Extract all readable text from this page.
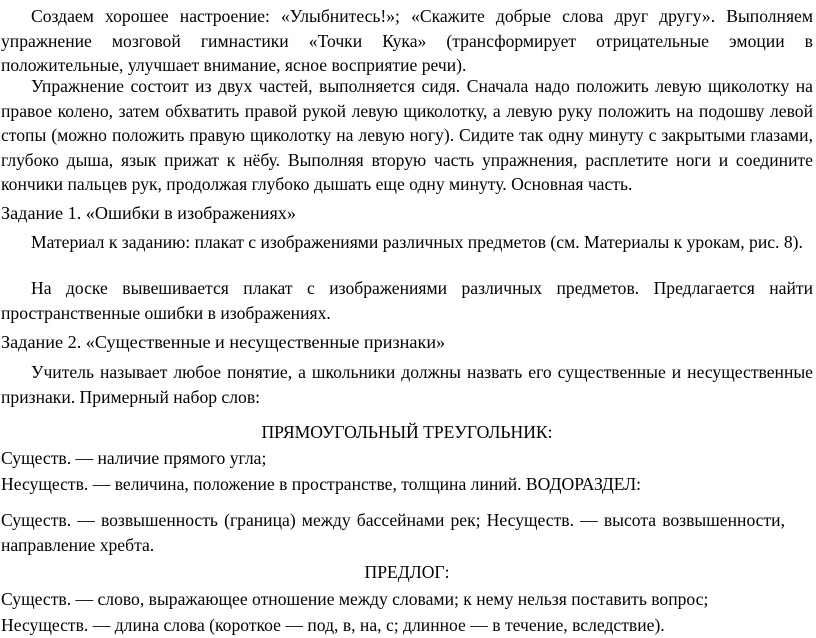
Создаем хорошее настроение: «Улыбнитесь!»; «Скажите добрые слова друг другу». Выполняем упражнение мозговой гимнастики «Точки Кука» (трансформирует отрицательные эмоции в положительные, улучшает внимание, ясное восприятие речи).

Упражнение состоит из двух частей, выполняется сидя. Сначала надо положить левую щиколотку на правое колено, затем обхватить правой рукой левую щиколотку, а левую руку положить на подошву левой стопы (можно положить правую щиколотку на левую ногу). Сидите так одну минуту с закрытыми глазами, глубоко дыша, язык прижат к нёбу. Выполняя вторую часть упражнения, расплетите ноги и соедините кончики пальцев рук, продолжая глубоко дышать еще одну минуту. Основная часть.

Задание 1. «Ошибки в изображениях»

Материал к заданию: плакат с изображениями различных предметов (см. Материалы к урокам, рис. 8).

На доске вывешивается плакат с изображениями различных предметов. Предлагается найти пространственные ошибки в изображениях.

Задание 2. «Существенные и несущественные признаки»

Учитель называет любое понятие, а школьники должны назвать его существенные и несущественные признаки. Примерный набор слов:

ПРЯМОУГОЛЬНЫЙ ТРЕУГОЛЬНИК:

Существ. — наличие прямого угла;

Несуществ. — величина, положение в пространстве, толщина линий. ВОДОРАЗДЕЛ:

Существ. — возвышенность (граница) между бассейнами рек; Несуществ. — высота возвышенности, направление хребта.

ПРЕДЛОГ:

Существ. — слово, выражающее отношение между словами; к нему нельзя поставить вопрос;

Несуществ. — длина слова (короткое — под, в, на, с; длинное — в течение, вследствие).
